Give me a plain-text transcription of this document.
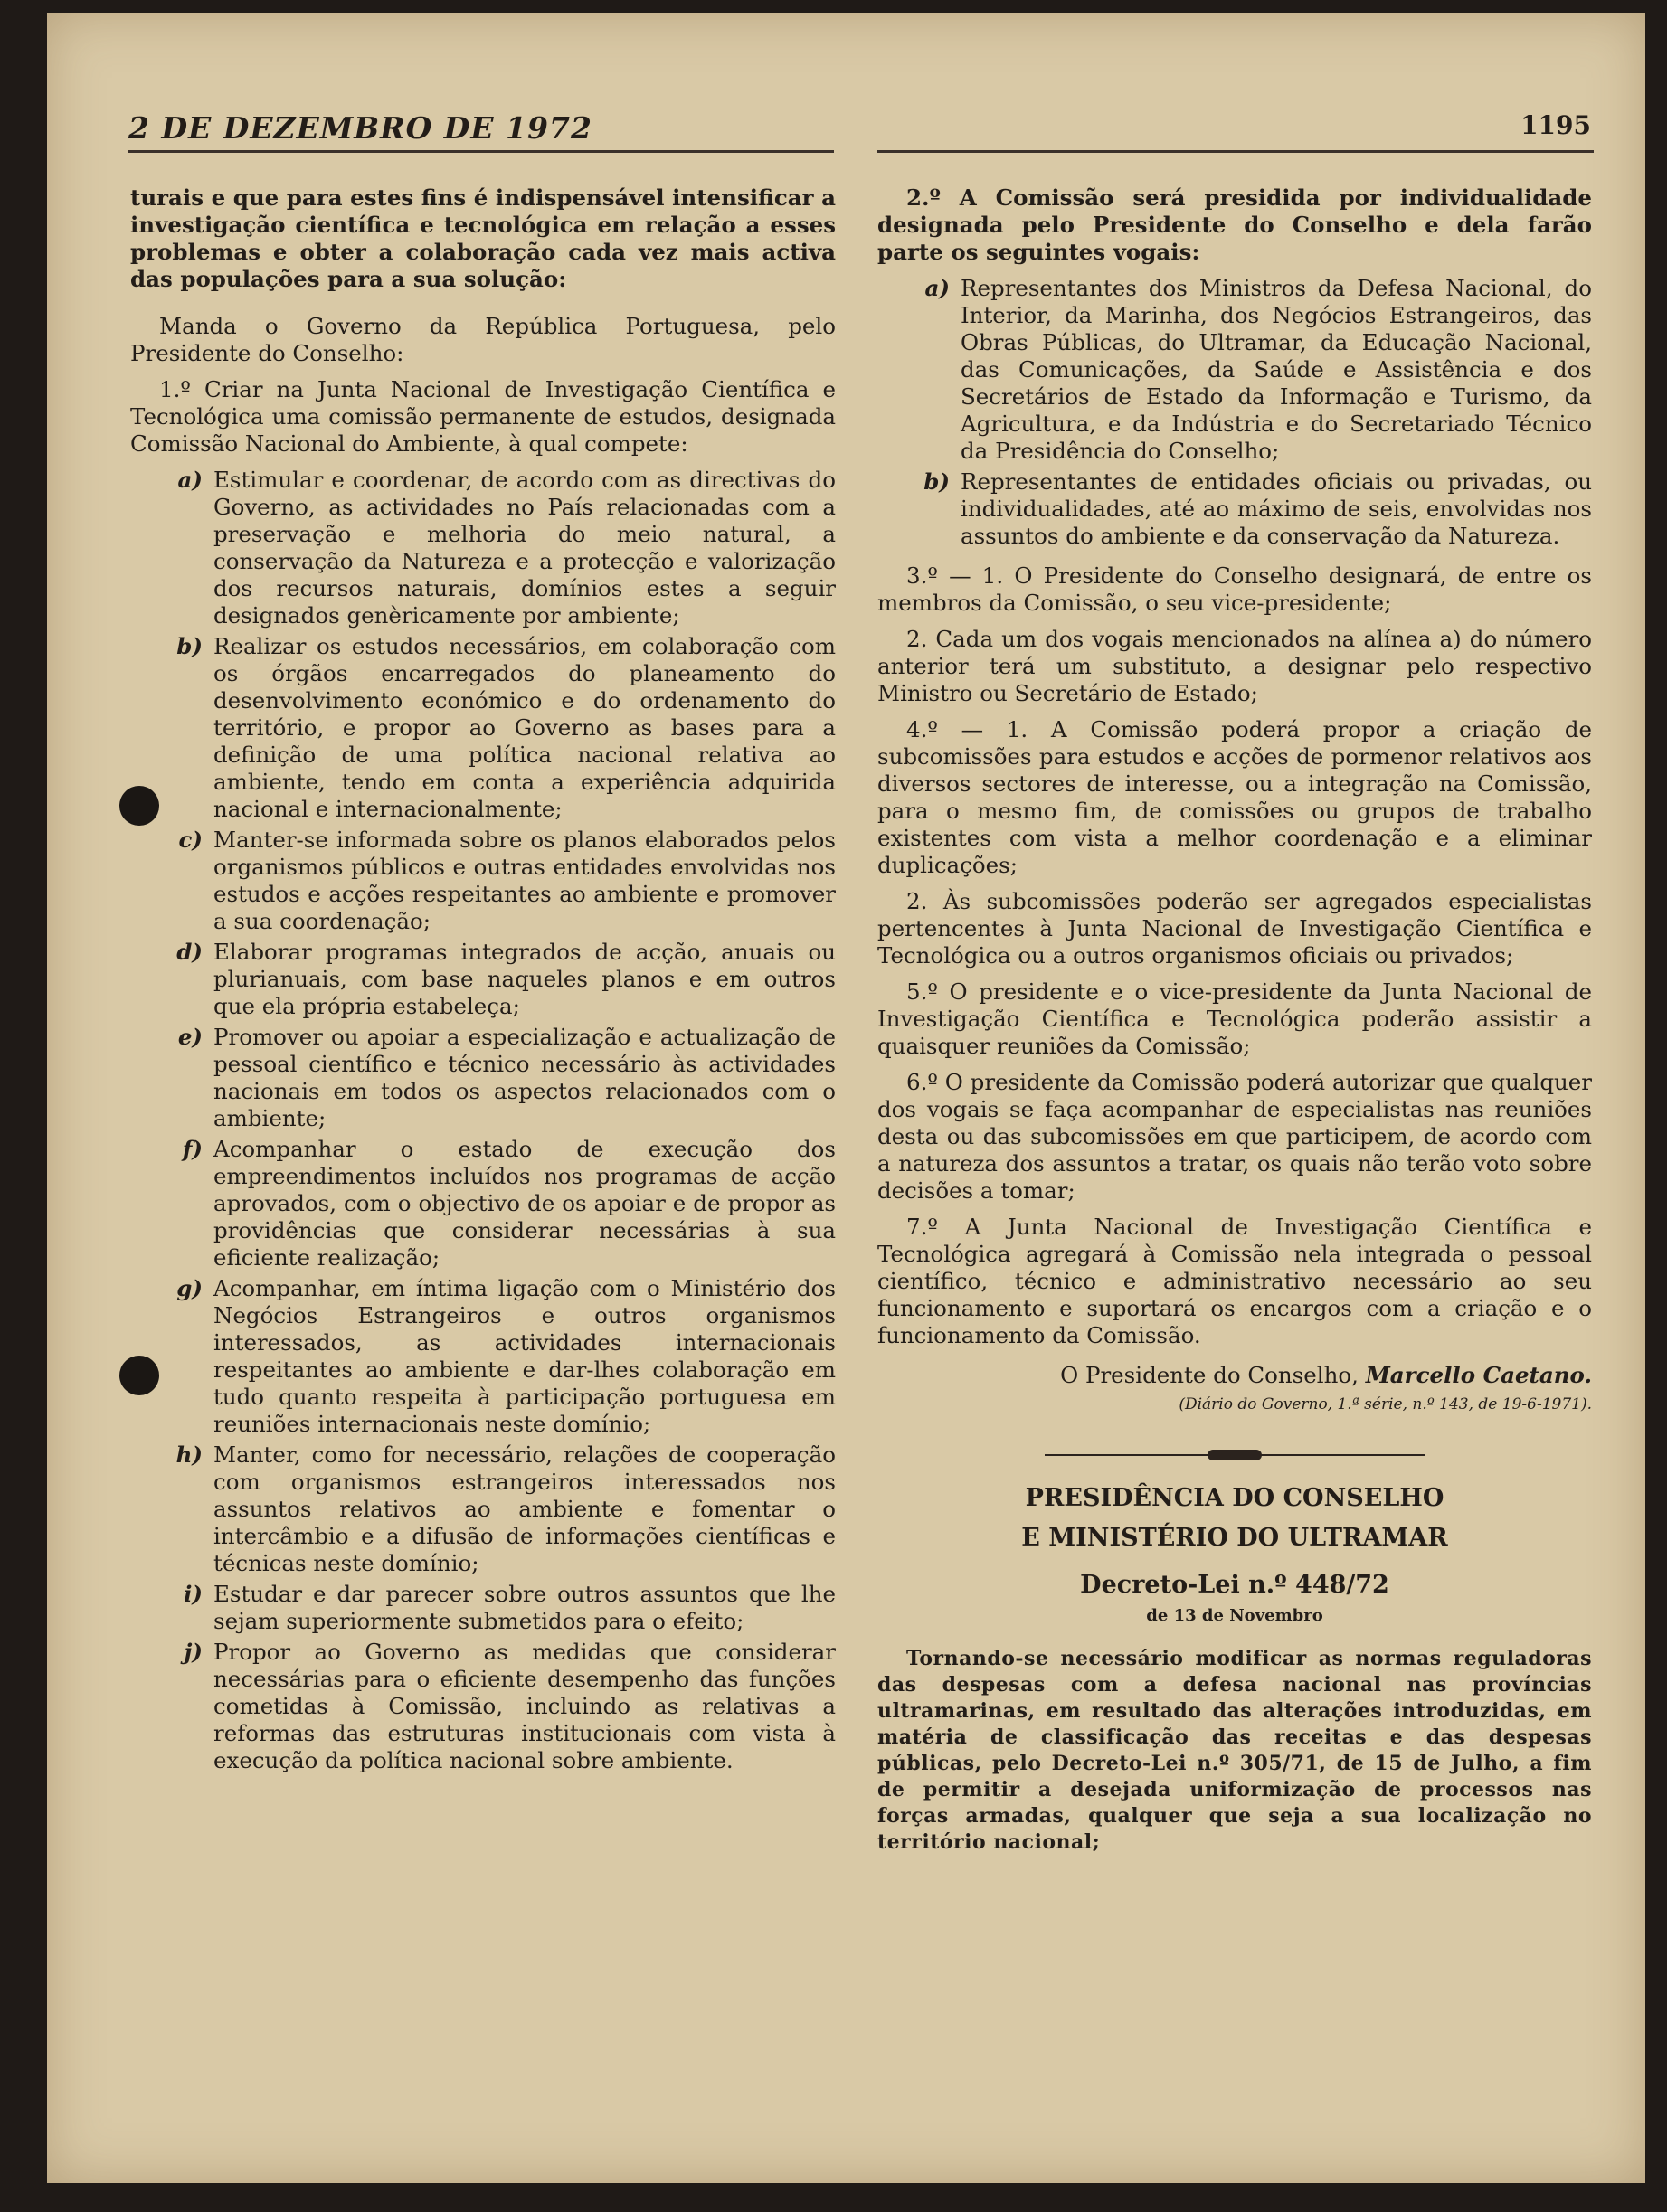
2 DE DEZEMBRO DE 1972	1195

turais e que para estes fins é indispensável intensificar a investigação científica e tecnológica em relação a esses problemas e obter a colaboração cada vez mais activa das populações para a sua solução:

Manda o Governo da República Portuguesa, pelo Presidente do Conselho:

1.º Criar na Junta Nacional de Investigação Científica e Tecnológica uma comissão permanente de estudos, designada Comissão Nacional do Ambiente, à qual compete:

a) Estimular e coordenar, de acordo com as directivas do Governo, as actividades no País relacionadas com a preservação e melhoria do meio natural, a conservação da Natureza e a protecção e valorização dos recursos naturais, domínios estes a seguir designados genèricamente por ambiente;
b) Realizar os estudos necessários, em colaboração com os órgãos encarregados do planeamento do desenvolvimento económico e do ordenamento do território, e propor ao Governo as bases para a definição de uma política nacional relativa ao ambiente, tendo em conta a experiência adquirida nacional e internacionalmente;
c) Manter-se informada sobre os planos elaborados pelos organismos públicos e outras entidades envolvidas nos estudos e acções respeitantes ao ambiente e promover a sua coordenação;
d) Elaborar programas integrados de acção, anuais ou plurianuais, com base naqueles planos e em outros que ela própria estabeleça;
e) Promover ou apoiar a especialização e actualização de pessoal científico e técnico necessário às actividades nacionais em todos os aspectos relacionados com o ambiente;
f) Acompanhar o estado de execução dos empreendimentos incluídos nos programas de acção aprovados, com o objectivo de os apoiar e de propor as providências que considerar necessárias à sua eficiente realização;
g) Acompanhar, em íntima ligação com o Ministério dos Negócios Estrangeiros e outros organismos interessados, as actividades internacionais respeitantes ao ambiente e dar-lhes colaboração em tudo quanto respeita à participação portuguesa em reuniões internacionais neste domínio;
h) Manter, como for necessário, relações de cooperação com organismos estrangeiros interessados nos assuntos relativos ao ambiente e fomentar o intercâmbio e a difusão de informações científicas e técnicas neste domínio;
i) Estudar e dar parecer sobre outros assuntos que lhe sejam superiormente submetidos para o efeito;
j) Propor ao Governo as medidas que considerar necessárias para o eficiente desempenho das funções cometidas à Comissão, incluindo as relativas a reformas das estruturas institucionais com vista à execução da política nacional sobre ambiente.

2.º A Comissão será presidida por individualidade designada pelo Presidente do Conselho e dela farão parte os seguintes vogais:

a) Representantes dos Ministros da Defesa Nacional, do Interior, da Marinha, dos Negócios Estrangeiros, das Obras Públicas, do Ultramar, da Educação Nacional, das Comunicações, da Saúde e Assistência e dos Secretários de Estado da Informação e Turismo, da Agricultura, e da Indústria e do Secretariado Técnico da Presidência do Conselho;
b) Representantes de entidades oficiais ou privadas, ou individualidades, até ao máximo de seis, envolvidas nos assuntos do ambiente e da conservação da Natureza.

3.º — 1. O Presidente do Conselho designará, de entre os membros da Comissão, o seu vice-presidente;

2. Cada um dos vogais mencionados na alínea a) do número anterior terá um substituto, a designar pelo respectivo Ministro ou Secretário de Estado;

4.º — 1. A Comissão poderá propor a criação de subcomissões para estudos e acções de pormenor relativos aos diversos sectores de interesse, ou a integração na Comissão, para o mesmo fim, de comissões ou grupos de trabalho existentes com vista a melhor coordenação e a eliminar duplicações;

2. Às subcomissões poderão ser agregados especialistas pertencentes à Junta Nacional de Investigação Científica e Tecnológica ou a outros organismos oficiais ou privados;

5.º O presidente e o vice-presidente da Junta Nacional de Investigação Científica e Tecnológica poderão assistir a quaisquer reuniões da Comissão;

6.º O presidente da Comissão poderá autorizar que qualquer dos vogais se faça acompanhar de especialistas nas reuniões desta ou das subcomissões em que participem, de acordo com a natureza dos assuntos a tratar, os quais não terão voto sobre decisões a tomar;

7.º A Junta Nacional de Investigação Científica e Tecnológica agregará à Comissão nela integrada o pessoal científico, técnico e administrativo necessário ao seu funcionamento e suportará os encargos com a criação e o funcionamento da Comissão.

O Presidente do Conselho, Marcello Caetano.
(Diário do Governo, 1.ª série, n.º 143, de 19-6-1971).

PRESIDÊNCIA DO CONSELHO

E MINISTÉRIO DO ULTRAMAR

Decreto-Lei n.º 448/72
de 13 de Novembro

Tornando-se necessário modificar as normas reguladoras das despesas com a defesa nacional nas províncias ultramarinas, em resultado das alterações introduzidas, em matéria de classificação das receitas e das despesas públicas, pelo Decreto-Lei n.º 305/71, de 15 de Julho, a fim de permitir a desejada uniformização de processos nas forças armadas, qualquer que seja a sua localização no território nacional;
